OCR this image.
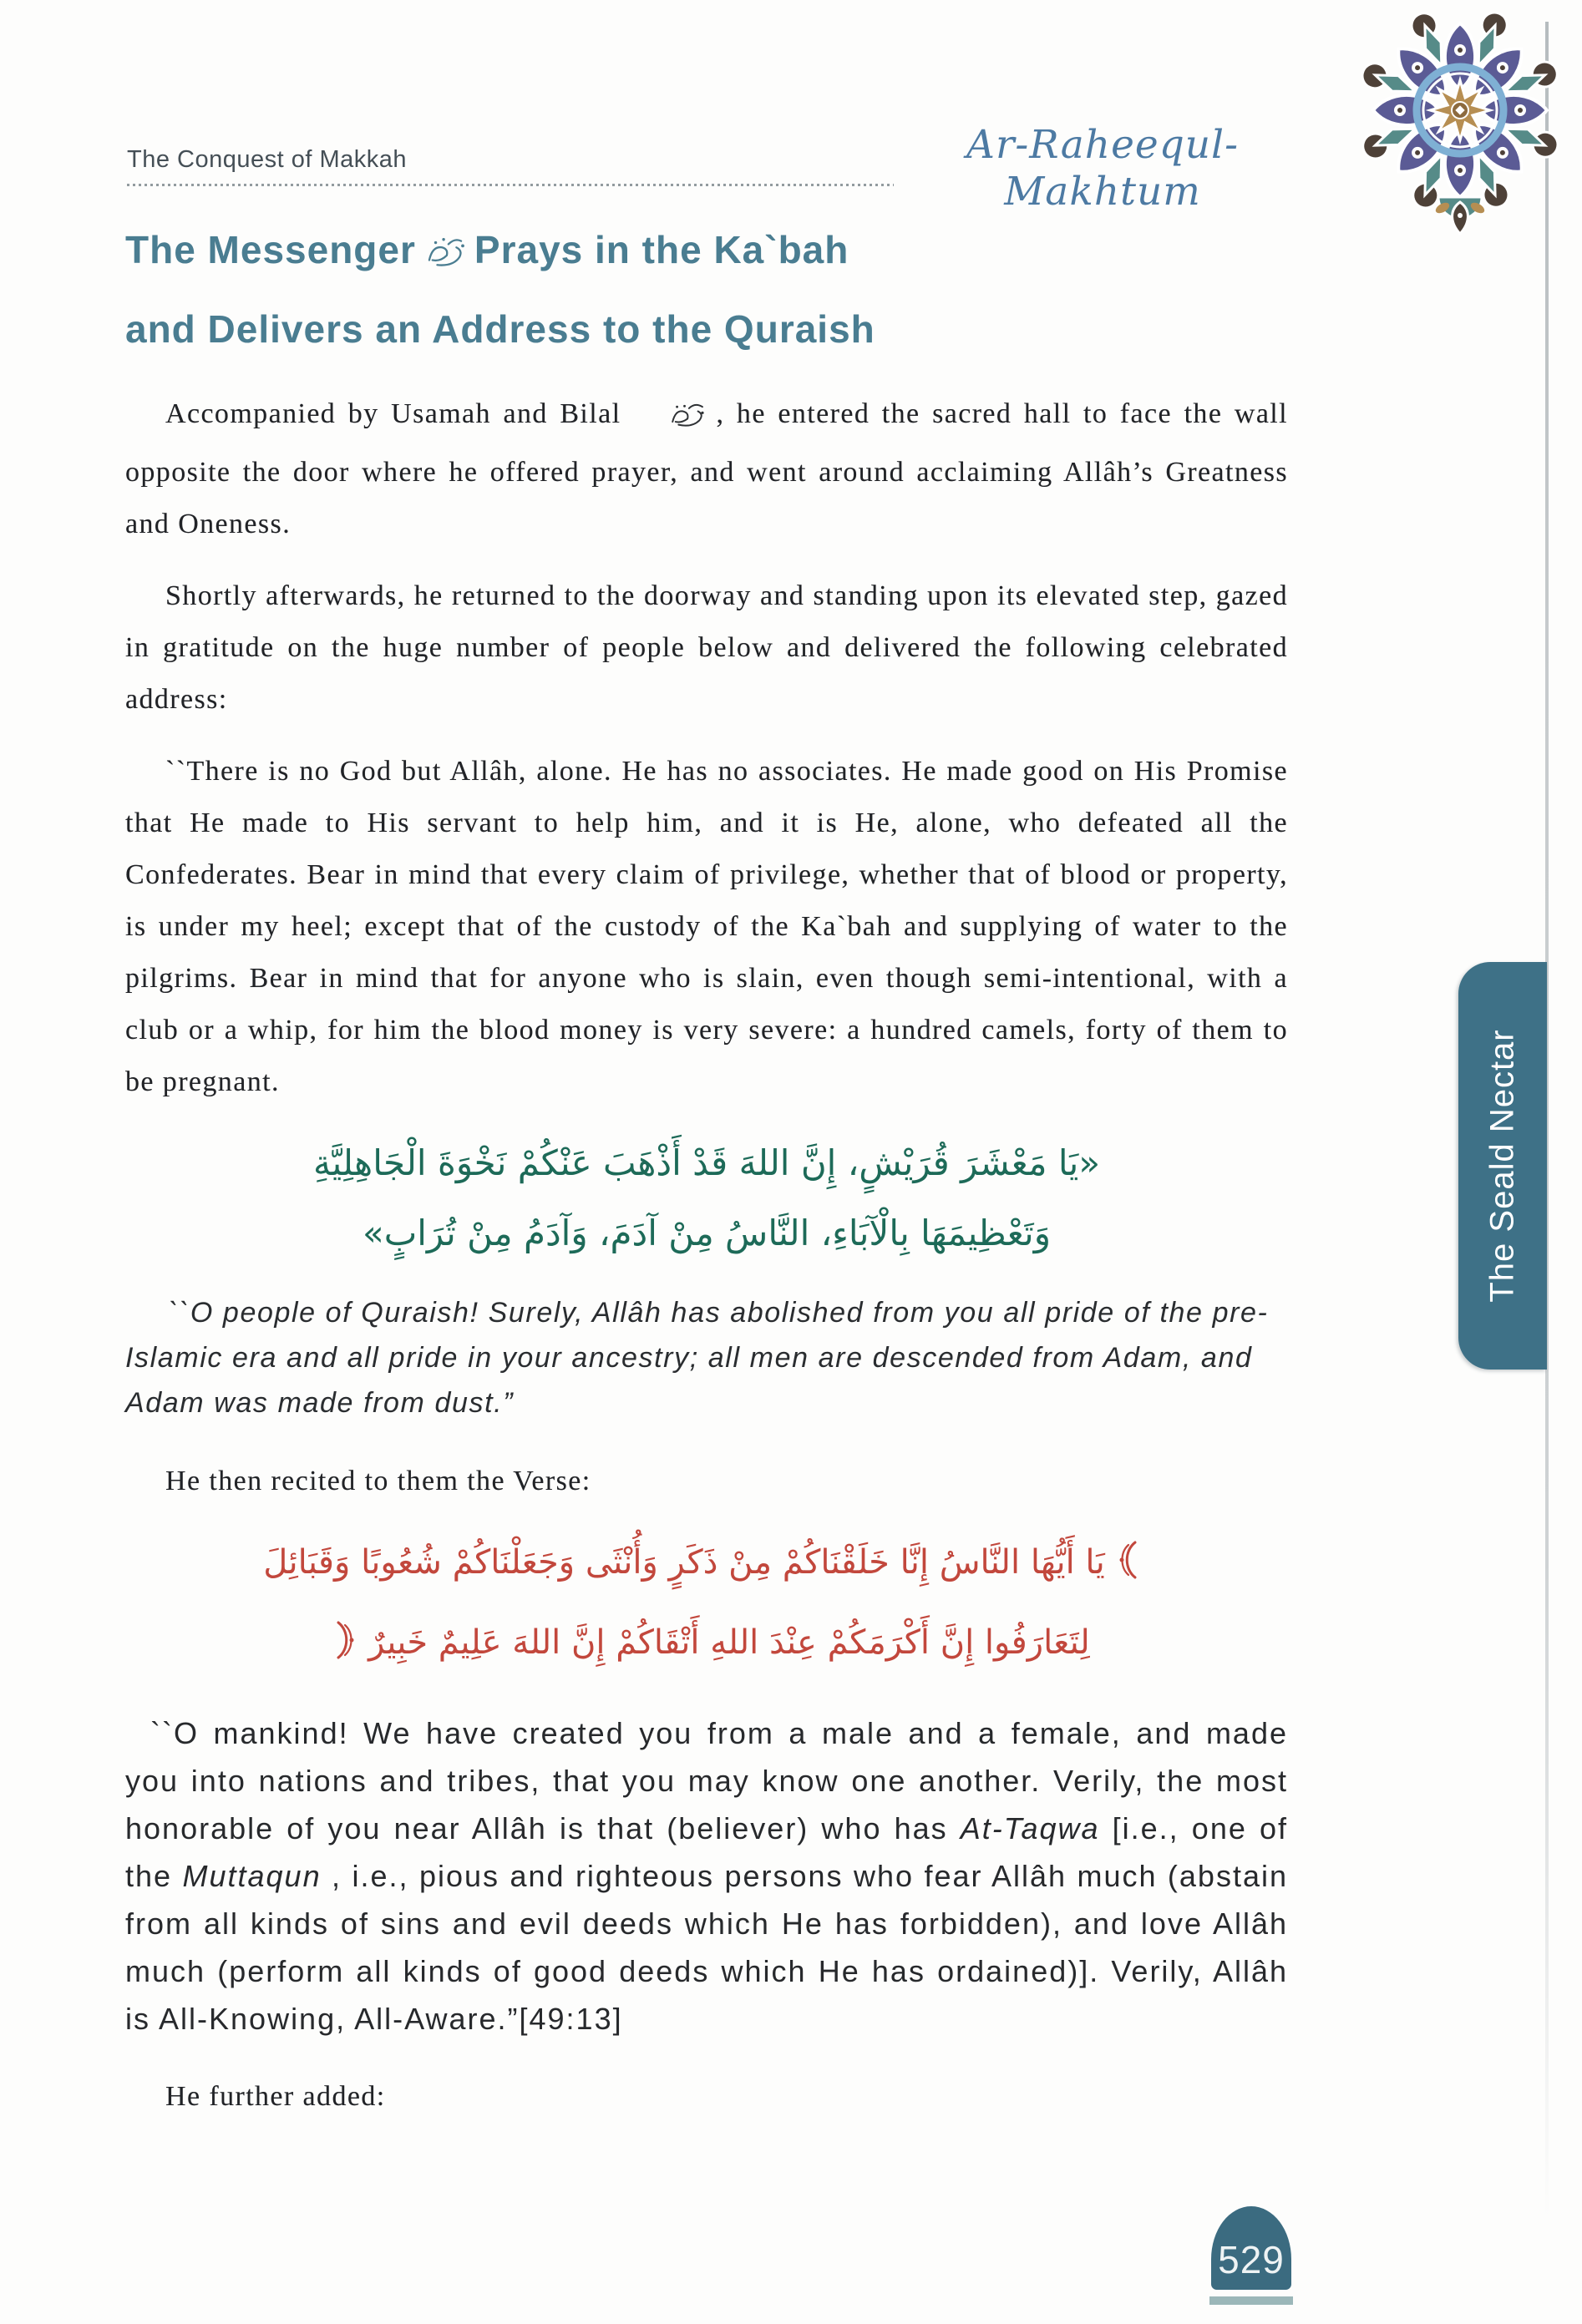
The Conquest of Makkah	Ar-Raheequl-Makhtum
The Messenger Prays in the Ka`bah
and Delivers an Address to the Quraish

Accompanied by Usamah and Bilal	, he entered the sacred hall to face the wall opposite the door where he offered prayer, and went around acclaiming Allâh’s Greatness and Oneness.

Shortly afterwards, he returned to the doorway and standing upon its elevated step, gazed in gratitude on the huge number of people below and delivered the following celebrated address:

``There is no God but Allâh, alone. He has no associates. He made good on His Promise that He made to His servant to help him, and it is He, alone, who defeated all the Confederates. Bear in mind that every claim of privilege, whether that of blood or property, is under my heel; except that of the custody of the Ka`bah and supplying of water to the pilgrims. Bear in mind that for anyone who is slain, even though semi-intentional, with a club or a whip, for him the blood money is very severe: a hundred camels, forty of them to be pregnant.

«يَا مَعْشَرَ قُرَيْشٍ، إِنَّ اللهَ قَدْ أَذْهَبَ عَنْكُمْ نَخْوَةَ الْجَاهِلِيَّةِ
وَتَعْظِيمَهَا بِالْآبَاءِ، النَّاسُ مِنْ آدَمَ، وَآدَمُ مِنْ تُرَابٍ»

``O people of Quraish! Surely, Allâh has abolished from you all pride of the pre-Islamic era and all pride in your ancestry; all men are descended from Adam, and Adam was made from dust.”

He then recited to them the Verse:

يَا أَيُّهَا النَّاسُ إِنَّا خَلَقْنَاكُمْ مِنْ ذَكَرٍ وَأُنْثَى وَجَعَلْنَاكُمْ شُعُوبًا وَقَبَائِلَ
لِتَعَارَفُوا إِنَّ أَكْرَمَكُمْ عِنْدَ اللهِ أَتْقَاكُمْ إِنَّ اللهَ عَلِيمٌ خَبِيرٌ

``O mankind! We have created you from a male and a female, and made you into nations and tribes, that you may know one another. Verily, the most honorable of you near Allâh is that (believer) who has At-Taqwa [i.e., one of the Muttaqun , i.e., pious and righteous persons who fear Allâh much (abstain from all kinds of sins and evil deeds which He has forbidden), and love Allâh much (perform all kinds of good deeds which He has ordained)]. Verily, Allâh is All-Knowing, All-Aware.”[49:13]

He further added:

The Seald Nectar
529
